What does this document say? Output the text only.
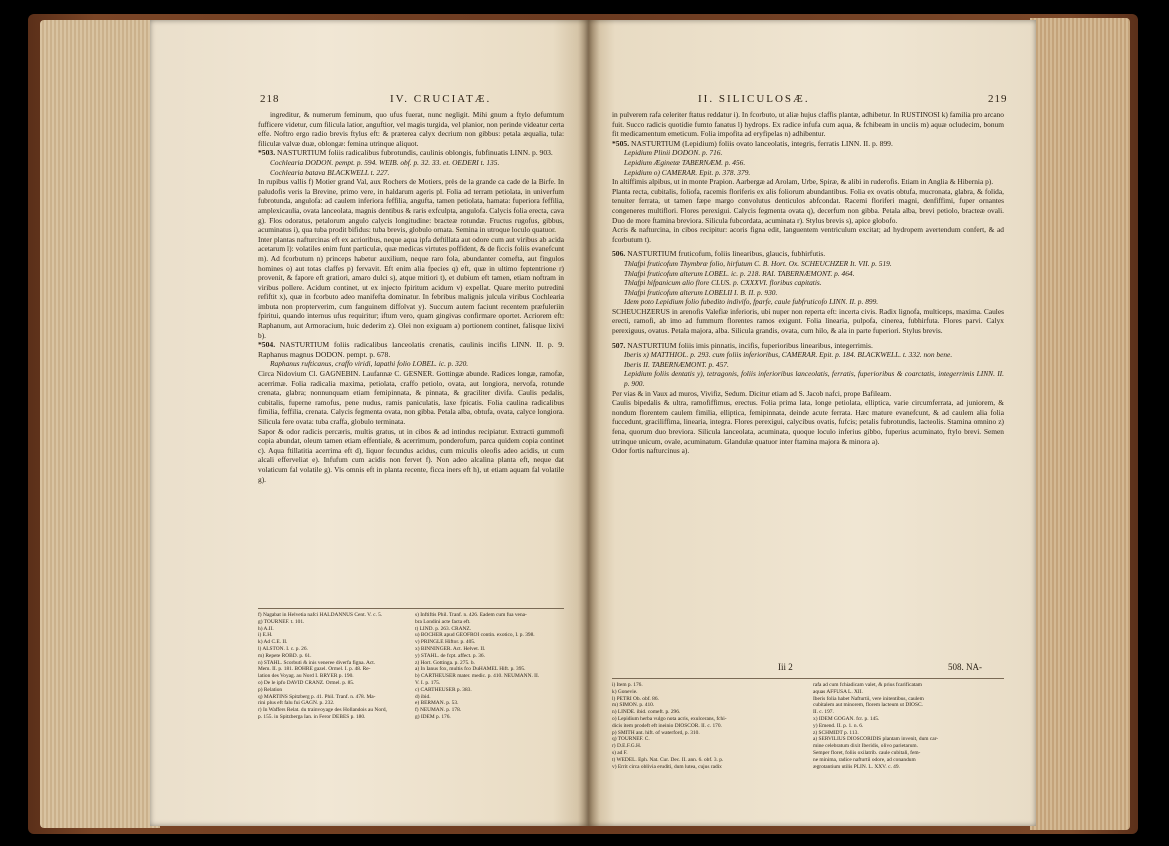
218	IV. CRUCIATÆ.

ingreditur, & numerum feminum, quo ufus fuerat, nunc negligit. Mihi gnum a ftylo defumtum fufficere videtur, cum filicula latior, anguftior, vel magis turgida, vel planior, non perinde videatur certa effe. Noftro ergo radio brevis ftylus eft: & præterea calyx decrium non gibbus: petala æqualia, tula: filiculæ valvæ duæ, oblongæ: femina utrinque aliquot.

*503. NASTURTIUM foliis radicalibus fubrotundis, caulinis oblongis, fubfinuatis LINN. p. 903.

Cochlearia DODON. pempt. p. 594. WEIB. obf. p. 32. 33. et. OEDERI t. 135.

Cochlearia batava BLACKWELL t. 227.

In rupibus vallis f) Motier grand Val, aux Rochers de Motiers, près de la grande ca cade de la Birfe. In paludofis veris la Brevine, primo vere, in haldarum ageris pl. Folia ad terram petiolata, in univerfum fubrotunda, angulofa: ad caulem inferiora feffilia, angufta, tamen petiolata, hamata: fuperiora feffilia, amplexicaulia, ovata lanceolata, magnis dentibus & raris exfculpta, angulofa. Calycis folia erecta, cava g). Flos odoratus, petalorum angulo calycis longitudine: bracteæ rotundæ. Fructus rugofus, gibbus, acuminatus i), qua tuba prodit bifidus: tuba brevis, globulo ornata. Semina in utroque loculo quatuor.

Inter plantas nafturcinas eft ex acrioribus, neque aqua ipfa deftillata aut odore cum aut viribus ab acida acetarum l): volatiles enim funt particulæ, quæ medicas virtutes poffident, & de ficcis foliis evanefcunt m). Ad fcorbutum n) princeps habetur auxilium, neque raro fola, abundanter comefta, aut fingulos homines o) aut totas claffes p) fervavit. Eft enim alia fpecies q) eft, quæ in ultimo feptentrione r) provenit, & fapore eft gratiori, amaro dulci s), atque mitiori t), et dubium eft tamen, etiam noftram in viribus pollere. Acidum continet, ut ex injecto fpiritum acidum v) expellat. Quare merito putredini refiftit x), quæ in fcorbuto adeo manifefta dominatur. In febribus malignis julcula viribus Cochlearia imbuta non propterverim, cum fanguinem diffolvat y). Succum autem faciunt recentem præfuleriin fpiritui, quando internus ufus requiritur; iftum vero, quam gingivas confirmare oportet. Acriorem eft: Raphanum, aut Armoracium, huic dederim z). Olei non exiguam a) portionem continet, falisque lixivi b).

*504. NASTURTIUM foliis radicalibus lanceolatis crenatis, caulinis incifis LINN. II. p. 9. Raphanus magnus DODON. pempt. p. 678.

Raphanus rufticanus, craffo viridi, lapathi folio LOBEL. ic. p. 320.

Circa Nidovium Cl. GAGNEBIN. Laufannæ C. GESNER. Gottingæ abunde. Radices longæ, ramofæ, acerrimæ. Folia radicalia maxima, petiolata, craffo petiolo, ovata, aut longiora, nervofa, rotunde crenata, glabra; nonnunquam etiam femipinnata, & pinnata, & graciliter divifa. Caulis pedalis, cubitalis, fuperne ramofus, pene nudus, ramis paniculatis, laxe fpicatis. Folia caulina radicalibus fimilia, feffilia, crenata. Calycis fegmenta ovata, non gibba. Petala alba, obtufa, ovata, calyce longiora. Silicula fere ovata: tuba craffa, globulo terminata.

Sapor & odor radicis percæris, multis gratus, ut in cibos & ad intindus recipiatur. Extracti gummofi copia abundat, oleum tamen etiam effentiale, & acerrimum, ponderofum, parca quidem copia continet c). Aqua ftillatitia acerrima eft d), liquor fecundus acidus, cum miculis oleofis adeo acidis, ut cum alcali efferveliat e). Infufum cum acidis non fervet f). Non adeo alcalina planta eft, neque dat volaticum fal volatile g). Vis omnis eft in planta recente, ficca iners eft h), ut etiam aquam fal volatile g).

f) Nagabat in Helvetia nafci HALDANNUS Cent. V. c. 5.
g) TOURNEF. t. 101.
h) A.II.
i) E.H.
k) Ad C.E. II.
l) ALSTON. I. c. p. 26.
m) Repete ROBD. p. 61.
n) STAHL. Scorbuti & inis veneree diverfa figna. Act.
Mem. II. p. 181. BOHRE gazel. Ormel. I. p. 48. Re-
lation des Voyag. au Nord I. BRYER p. 190.
o) De le ipfo DAVID CRANZ. Ormel. p. 85.
p) Relation
q) MARTINS Spitzberg p. 41. Phil. Tranf. n. 478. Ma-
rini plus eft falu fui GAGN. p. 232.
r) In Waffers Relat. du trainvoyage des Hollandois au Nord,
p. 155. in Spitzberga Ian. in Feror DEBES p. 180.
s) Inftiftis Phil. Tranf. n. 426. Eadem cum fua vena-
bra Londini acte facta eft.
t) LIND. p. 263. CRANZ.
u) BOCHER apud GEOFROI contin. exotico, I. p. 398.
v) PRINGLE Hiftor. p. 405.
x) BINNINGER. Act. Helvet. II.
y) STAHL. de fcpt. affect. p. 36.
z) Hort. Gottinga. p. 275. b.
a) In Ianus fox, multis fco DuHAMEL Hift. p. 395.
b) CARTHEUSER mater. medic. p. 410. NEUMANN. II.
V. I. p. 175.
c) CARTHEUSER p. 383.
d) ibid.
e) BERMAN. p. 53.
f) NEUMAN. p. 178.
g) IDEM p. 176.
II. SILICULOSÆ.	219

in pulverem rafa celeriter ftatus reddatur i). In fcorbuto, ut aliæ hujus claffis plantæ, adhibetur. In RUSTINOSI k) familia pro arcano fuit. Succo radicis quotidie fumto fanatus l) hydrops. Ex radice infufa cum aqua, & fchibeam in unciis m) aquæ ocludecim, bonum fit medicamentum emeticum. Folia impofita ad eryfipelas n) adhibentur.

*505. NASTURTIUM (Lepidium) foliis ovato lanceolatis, integris, ferratis LINN. II. p. 899.

Lepidium Plinii DODON. p. 716.

Lepidium Æginetæ TABERNÆM. p. 456.

Lepidium o) CAMERAR. Epit. p. 378. 379.

In altiffimis alpibus, ut in monte Prapion. Aarbergæ ad Arolam, Urbe, Spiræ, & alibi in ruderofis. Etiam in Anglia & Hibernia p).

Planta recta, cubitalis, foliofa, racemis floriferis ex alis foliorum abundantibus. Folia ex ovatis obtufa, mucronata, glabra, & folida, tenuiter ferrata, ut tamen fæpe margo convolutus denticulos abfcondat. Racemi floriferi magni, denfiffimi, fuper ornantes congeneres multiflori. Flores perexigui. Calycis fegmenta ovata q), decerfum non gibba. Petala alba, brevi petiolo, bracteæ ovali. Duo de more ftamina breviora. Silicula fubcordata, acuminata r). Stylus brevis s), apice globofo.

Acris & nafturcina, in cibos recipitur: acoris figna edit, languentem ventriculum excitat; ad hydropem avertendum confert, & ad fcorbutum t).

506. NASTURTIUM fruticofum, foliis linearibus, glaucis, fubhirfutis.

Thlafpi fruticofum Thymbræ folio, hirfutum C. B. Hort. Ox. SCHEUCHZER It. VII. p. 519.

Thlafpi fruticofum alterum LOBEL. ic. p. 218. RAI. TABERNÆMONT. p. 464.

Thlafpi hifpanicum alio flore CLUS. p. CXXXVI. floribus capitatis.

Thlafpi fruticofum alterum LOBELII I. B. II. p. 930.

Idem poto Lepidium folio fubedito indivifo, fparfe, caule fubfruticofo LINN. II. p. 899.

SCHEUCHZERUS in arenofis Valefiæ inferioris, ubi nuper non reperta eft: incerta civis. Radix lignofa, multiceps, maxima. Caules erecti, ramofi, ab imo ad fummum florentes ramos exigunt. Folia linearia, pulpofa, cinerea, fubhirfuta. Flores parvi. Calyx perexiguus, ovatus. Petala majora, alba. Silicula grandis, ovata, cum hilo, & ala in parte fuperiori. Stylus brevis.

507. NASTURTIUM foliis imis pinnatis, incifis, fuperioribus linearibus, integerrimis.

Iberis x) MATTHIOL. p. 293. cum foliis inferioribus, CAMERAR. Epit. p. 184. BLACKWELL. t. 332. non bene.

Iberis II. TABERNÆMONT. p. 457.

Lepidium foliis dentatis y), tetragonis, foliis inferioribus lanceolatis, ferratis, fuperioribus & coarctatis, integerrimis LINN. II. p. 900.

Per vias & in Vaux ad muros, Vivifiz, Sedum. Dicitur etiam ad S. Jacob nafci, prope Bafileam.

Caulis bipedalis & ultra, ramofiffimus, erectus. Folia prima lata, longe petiolata, elliptica, varie circumferrata, ad juniorem, & nondum florentem caulem fimilia, elliptica, femipinnata, deinde acute ferrata. Hæc mature evanefcunt, & ad caulem alia folia fuccedunt, graciliffima, linearia, integra. Flores perexigui, calycibus ovatis, fufcis; petalis fubrotundis, lacteolis. Stamina omnino z) fena, quorum duo breviora. Silicula lanceolata, acuminata, quoque loculo inferius gibbo, fuperius acuminato, ftylo brevi. Semen utrinque unicum, ovale, acuminatum. Glandulæ quatuor inter ftamina majora & minora a).

Odor fortis nafturcinus a).

Iii 2	508. NA-
i) Item p. 176.
k) Gonevie.
l) PETRI Ob. obf. 86.
m) SIMON. p. 410.
n) LINDE. ibid. comeft. p. 296.
o) Lepidium herba vulgo nota acris, exulcerans, fchi-
dicis item prodeft eft ineinio DIOSCOR. II. c. 170.
p) SMITH ant. hift. of waterford, p. 310.
q) TOURNEF. C.
r) D.E.F.G.H.
s) ad F.
t) WEDEL. Eph. Nat. Cur. Dec. II. ann. 6. obf. 3. p.
v) Errit circa oblivia eruditi, dum lutea, cujus radix
rafa ad cum fchiadicam valet, & prius fcarificatam
aquas AFFUSA L. XII.
Iberis folia habet Nafturtii, vere initentibus, caulem
cubitalem aut minorem, florem lacteum ut DIOSC.
II. c. 197.
x) IDEM GOGAN. fcr. p. 145.
y) Emend. II. p. 1. n. 6.
z) SCHMIDT p. 113.
a) SERVILIUS DIOSCORIDIS plantam invenit, dum car-
mine celebratum dixit Iberidis, olivo parietarum.
Semper floret, foliis oxilatrib. caule cubitali, fem-
ne minima, radice nafturtii odore, ad conandum
ægrotantium utilis PLIN. L. XXV. c. 49.
